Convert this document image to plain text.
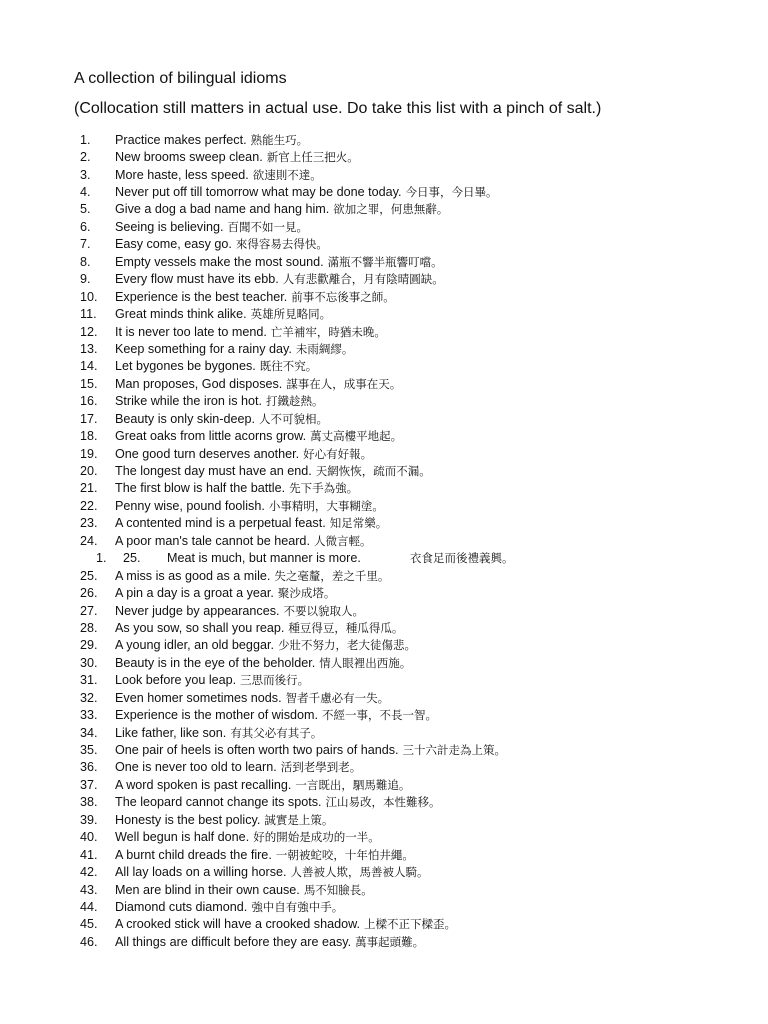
A collection of bilingual idioms
(Collocation still matters in actual use. Do take this list with a pinch of salt.)
1.	Practice makes perfect. 熟能生巧。
2.	New brooms sweep clean. 新官上任三把火。
3.	More haste, less speed. 欲速則不達。
4.	Never put off till tomorrow what may be done today. 今日事，今日畢。
5.	Give a dog a bad name and hang him. 欲加之罪，何患無辭。
6.	Seeing is believing. 百聞不如一見。
7.	Easy come, easy go. 來得容易去得快。
8.	Empty vessels make the most sound. 滿瓶不響半瓶響叮噹。
9.	Every flow must have its ebb. 人有悲歡離合，月有陰晴圓缺。
10.	Experience is the best teacher. 前事不忘後事之師。
11.	Great minds think alike. 英雄所見略同。
12.	It is never too late to mend. 亡羊補牢，時猶未晚。
13.	Keep something for a rainy day. 未雨綢繆。
14.	Let bygones be bygones. 既往不究。
15.	Man proposes, God disposes. 謀事在人，成事在天。
16.	Strike while the iron is hot. 打鐵趁熱。
17.	Beauty is only skin-deep. 人不可貌相。
18.	Great oaks from little acorns grow. 萬丈高樓平地起。
19.	One good turn deserves another. 好心有好報。
20.	The longest day must have an end. 天網恢恢，疏而不漏。
21.	The first blow is half the battle. 先下手為強。
22.	Penny wise, pound foolish. 小事精明，大事糊塗。
23.	A contented mind is a perpetual feast. 知足常樂。
24.	A poor man's tale cannot be heard. 人微言輕。
1.	25.	Meat is much, but manner is more.	衣食足而後禮義興。
25.	A miss is as good as a mile. 失之毫釐，差之千里。
26.	A pin a day is a groat a year. 聚沙成塔。
27.	Never judge by appearances. 不要以貌取人。
28.	As you sow, so shall you reap. 種豆得豆，種瓜得瓜。
29.	A young idler, an old beggar. 少壯不努力，老大徒傷悲。
30.	Beauty is in the eye of the beholder. 情人眼裡出西施。
31.	Look before you leap. 三思而後行。
32.	Even homer sometimes nods. 智者千慮必有一失。
33.	Experience is the mother of wisdom. 不經一事，不長一智。
34.	Like father, like son. 有其父必有其子。
35.	One pair of heels is often worth two pairs of hands. 三十六計走為上策。
36.	One is never too old to learn. 活到老學到老。
37.	A word spoken is past recalling. 一言既出，駟馬難追。
38.	The leopard cannot change its spots. 江山易改，本性難移。
39.	Honesty is the best policy. 誠實是上策。
40.	Well begun is half done. 好的開始是成功的一半。
41.	A burnt child dreads the fire. 一朝被蛇咬，十年怕井繩。
42.	All lay loads on a willing horse. 人善被人欺，馬善被人騎。
43.	Men are blind in their own cause. 馬不知臉長。
44.	Diamond cuts diamond. 強中自有強中手。
45.	A crooked stick will have a crooked shadow. 上樑不正下樑歪。
46.	All things are difficult before they are easy. 萬事起頭難。
